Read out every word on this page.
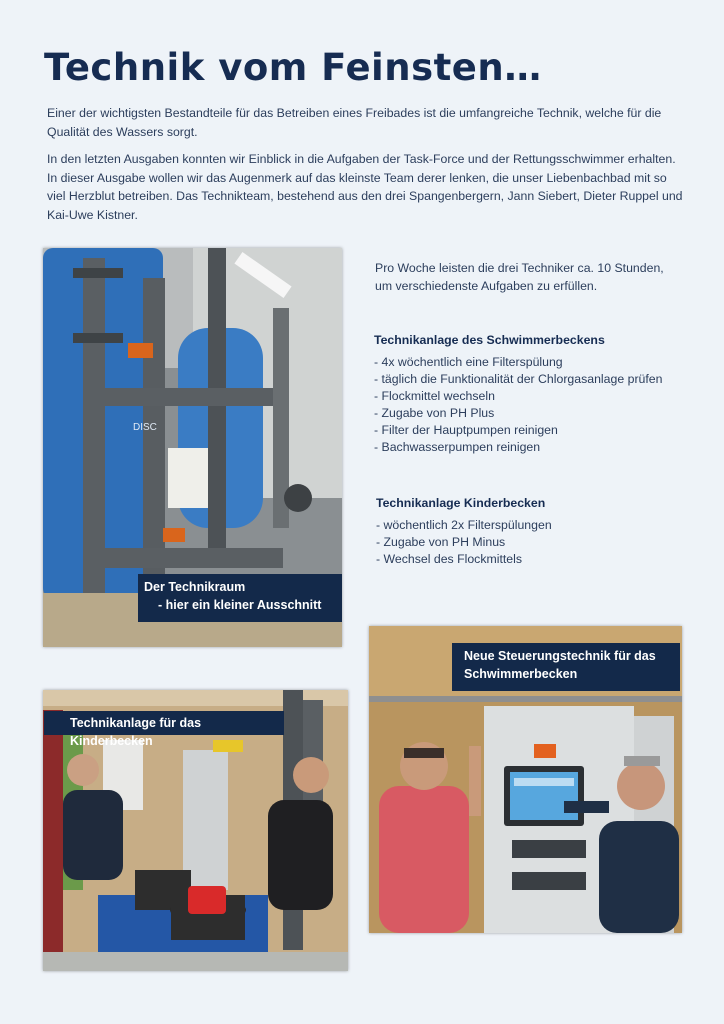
Technik vom Feinsten…
Einer der wichtigsten Bestandteile für das Betreiben eines Freibades ist die umfangreiche Technik, welche für die Qualität des Wassers sorgt.
In den letzten Ausgaben konnten wir Einblick in die Aufgaben der Task-Force und der Rettungsschwimmer erhalten. In dieser Ausgabe wollen wir das Augenmerk auf das kleinste Team derer lenken, die unser Liebenbachbad mit so viel Herzblut betreiben. Das Technikteam, bestehend aus den drei Spangenbergern, Jann Siebert, Dieter Ruppel und Kai-Uwe Kistner.
DISC
Der Technikraum
- hier ein kleiner Ausschnitt
Pro Woche leisten die drei Techniker ca. 10 Stunden, um verschiedenste Aufgaben zu erfüllen.
Technikanlage des Schwimmerbeckens
- 4x wöchentlich eine Filterspülung
- täglich die Funktionalität der Chlorgasanlage prüfen
- Flockmittel wechseln
- Zugabe von PH Plus
- Filter der Hauptpumpen reinigen
- Bachwasserpumpen reinigen
Technikanlage Kinderbecken
- wöchentlich 2x Filterspülungen
- Zugabe von PH Minus
- Wechsel des Flockmittels
Neue Steuerungstechnik für das
Schwimmerbecken
Technikanlage für das Kinderbecken
